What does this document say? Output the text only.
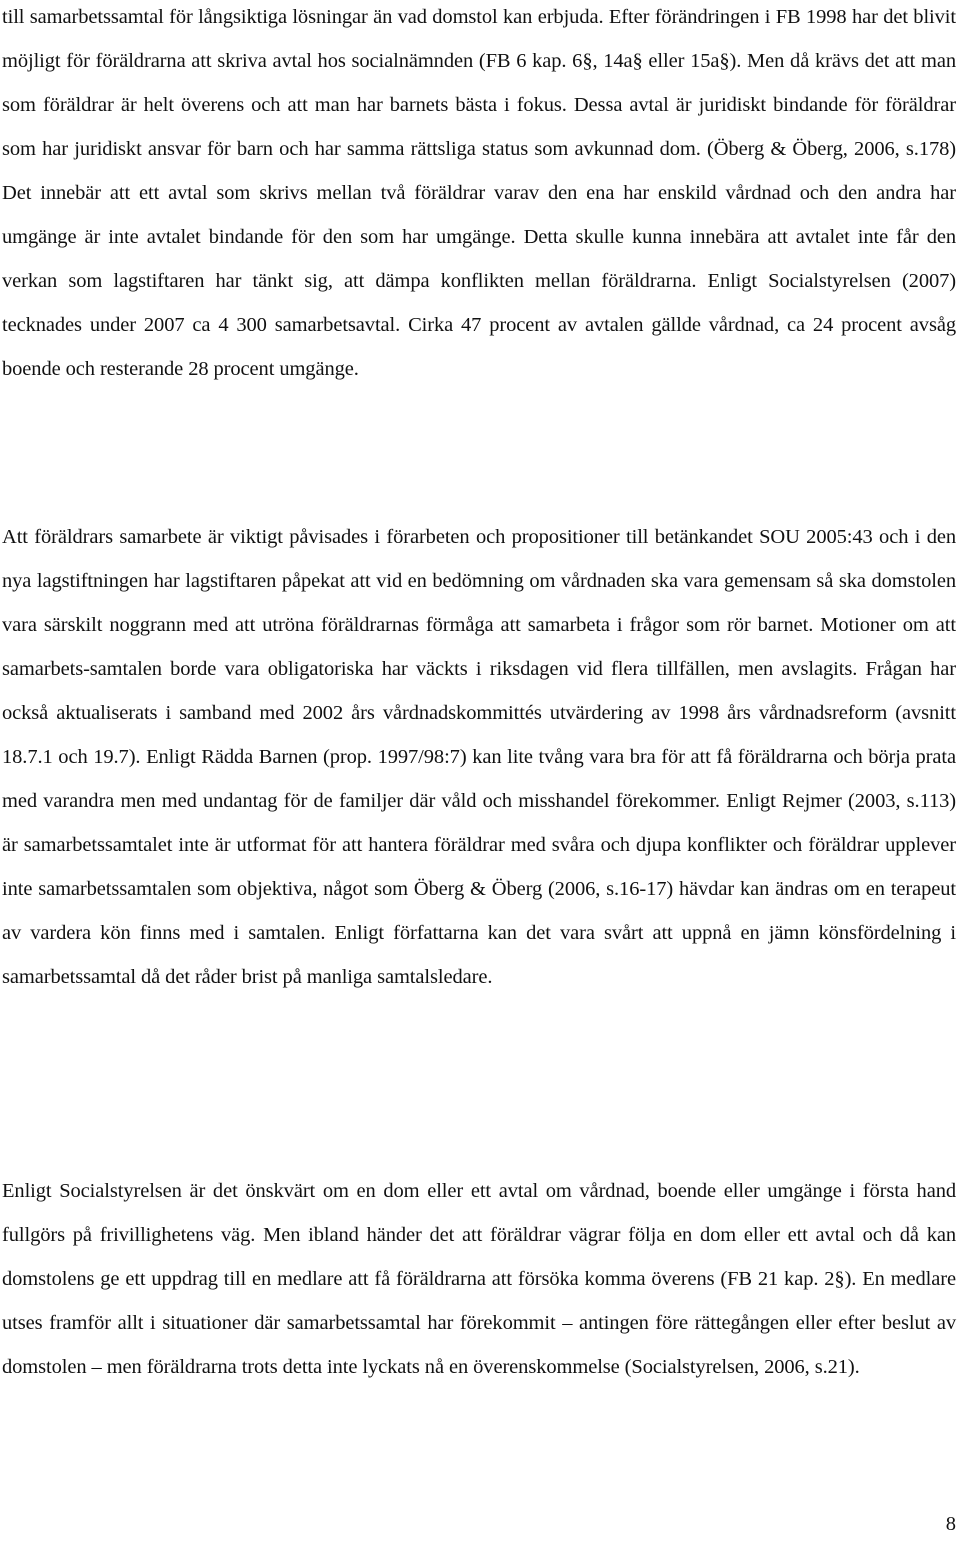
till samarbetssamtal för långsiktiga lösningar än vad domstol kan erbjuda. Efter förändringen i FB 1998 har det blivit möjligt för föräldrarna att skriva avtal hos socialnämnden (FB 6 kap. 6§, 14a§ eller 15a§). Men då krävs det att man som föräldrar är helt överens och att man har barnets bästa i fokus. Dessa avtal är juridiskt bindande för föräldrar som har juridiskt ansvar för barn och har samma rättsliga status som avkunnad dom. (Öberg & Öberg, 2006, s.178) Det innebär att ett avtal som skrivs mellan två föräldrar varav den ena har enskild vårdnad och den andra har umgänge är inte avtalet bindande för den som har umgänge. Detta skulle kunna innebära att avtalet inte får den verkan som lagstiftaren har tänkt sig, att dämpa konflikten mellan föräldrarna. Enligt Socialstyrelsen (2007) tecknades under 2007 ca 4 300 samarbetsavtal. Cirka 47 procent av avtalen gällde vårdnad, ca 24 procent avsåg boende och resterande 28 procent umgänge.

Att föräldrars samarbete är viktigt påvisades i förarbeten och propositioner till betänkandet SOU 2005:43 och i den nya lagstiftningen har lagstiftaren påpekat att vid en bedömning om vårdnaden ska vara gemensam så ska domstolen vara särskilt noggrann med att utröna föräldrarnas förmåga att samarbeta i frågor som rör barnet. Motioner om att samarbets-samtalen borde vara obligatoriska har väckts i riksdagen vid flera tillfällen, men avslagits. Frågan har också aktualiserats i samband med 2002 års vårdnadskommittés utvärdering av 1998 års vårdnadsreform (avsnitt 18.7.1 och 19.7). Enligt Rädda Barnen (prop. 1997/98:7) kan lite tvång vara bra för att få föräldrarna och börja prata med varandra men med undantag för de familjer där våld och misshandel förekommer. Enligt Rejmer (2003, s.113) är samarbetssamtalet inte är utformat för att hantera föräldrar med svåra och djupa konflikter och föräldrar upplever inte samarbetssamtalen som objektiva, något som Öberg & Öberg (2006, s.16-17) hävdar kan ändras om en terapeut av vardera kön finns med i samtalen. Enligt författarna kan det vara svårt att uppnå en jämn könsfördelning i samarbetssamtal då det råder brist på manliga samtalsledare.

Enligt Socialstyrelsen är det önskvärt om en dom eller ett avtal om vårdnad, boende eller umgänge i första hand fullgörs på frivillighetens väg. Men ibland händer det att föräldrar vägrar följa en dom eller ett avtal och då kan domstolens ge ett uppdrag till en medlare att få föräldrarna att försöka komma överens (FB 21 kap. 2§). En medlare utses framför allt i situationer där samarbetssamtal har förekommit – antingen före rättegången eller efter beslut av domstolen – men föräldrarna trots detta inte lyckats nå en överenskommelse (Socialstyrelsen, 2006, s.21).

8
